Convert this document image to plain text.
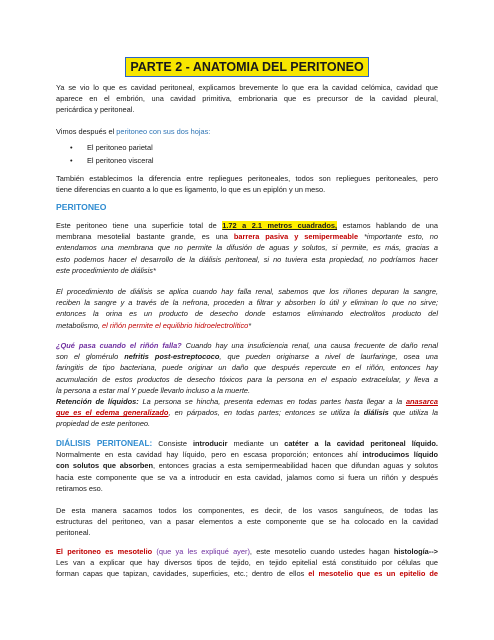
PARTE 2 - ANATOMIA DEL PERITONEO
Ya se vio lo que es cavidad peritoneal, explicamos brevemente lo que era la cavidad celómica, cavidad que
aparece en el embrión, una cavidad primitiva, embrionaria que es precursor de la cavidad pleural,
pericárdica y peritoneal.
Vimos después el peritoneo con sus dos hojas:
• El peritoneo parietal
• El peritoneo visceral
También establecimos la diferencia entre repliegues peritoneales, todos son repliegues peritoneales, pero
tiene diferencias en cuanto a lo que es ligamento, lo que es un epiplón y un meso.
PERITONEO
Este peritoneo tiene una superficie total de 1.72 a 2.1 metros cuadrados, estamos hablando de una
membrana mesotelial bastante grande, es una barrera pasiva y semipermeable *importante esto, no
entendamos una membrana que no permite la difusión de aguas y solutos, si permite, es más, gracias a
esto podemos hacer el desarrollo de la diálisis peritoneal, si no tuviera esta propiedad, no podríamos hacer
este procedimiento de diálisis*
El procedimiento de diálisis se aplica cuando hay falla renal, sabemos que los riñones depuran la sangre,
reciben la sangre y a través de la nefrona, proceden a filtrar y absorben lo útil y eliminan lo que no sirve;
entonces la orina es un producto de desecho donde estamos eliminando electrolitos producto del
metabolismo, el riñón permite el equilibrio hidroelectrolítico*
¿Qué pasa cuando el riñón falla? Cuando hay una insuficiencia renal, una causa frecuente de daño renal
son el glomérulo nefritis post-estreptococo, que pueden originarse a nivel de laurfaringe, osea una
faringitis de tipo bacteriana, puede originar un daño que después repercute en el riñón, entonces hay
acumulación de estos productos de desecho tóxicos para la persona en el espacio extracelular, y lleva a
la persona a estar mal Y puede llevarlo incluso a la muerte.
Retención de líquidos: La persona se hincha, presenta edemas en todas partes hasta llegar a la anasarca
que es el edema generalizado, en párpados, en todas partes; entonces se utiliza la diálisis que utiliza la
propiedad de este peritoneo.
DIÁLISIS PERITONEAL: Consiste introducir mediante un catéter a la cavidad peritoneal líquido.
Normalmente en esta cavidad hay líquido, pero en escasa proporción; entonces ahí introducimos líquido
con solutos que absorben, entonces gracias a esta semipermeabilidad hacen que difundan aguas y solutos
hacia este componente que se va a introducir en esta cavidad, jalamos como si fuera un riñón y después
retiramos eso.
De esta manera sacamos todos los componentes, es decir, de los vasos sanguíneos, de todas las
estructuras del peritoneo, van a pasar elementos a este componente que se ha colocado en la cavidad
peritoneal.
El peritoneo es mesotelio (que ya les expliqué ayer), este mesotelio cuando ustedes hagan histología-->
Les van a explicar que hay diversos tipos de tejido, en tejido epitelial está constituido por células que
forman capas que tapizan, cavidades, superficies, etc.; dentro de ellos el mesotelio que es un epitelio de
